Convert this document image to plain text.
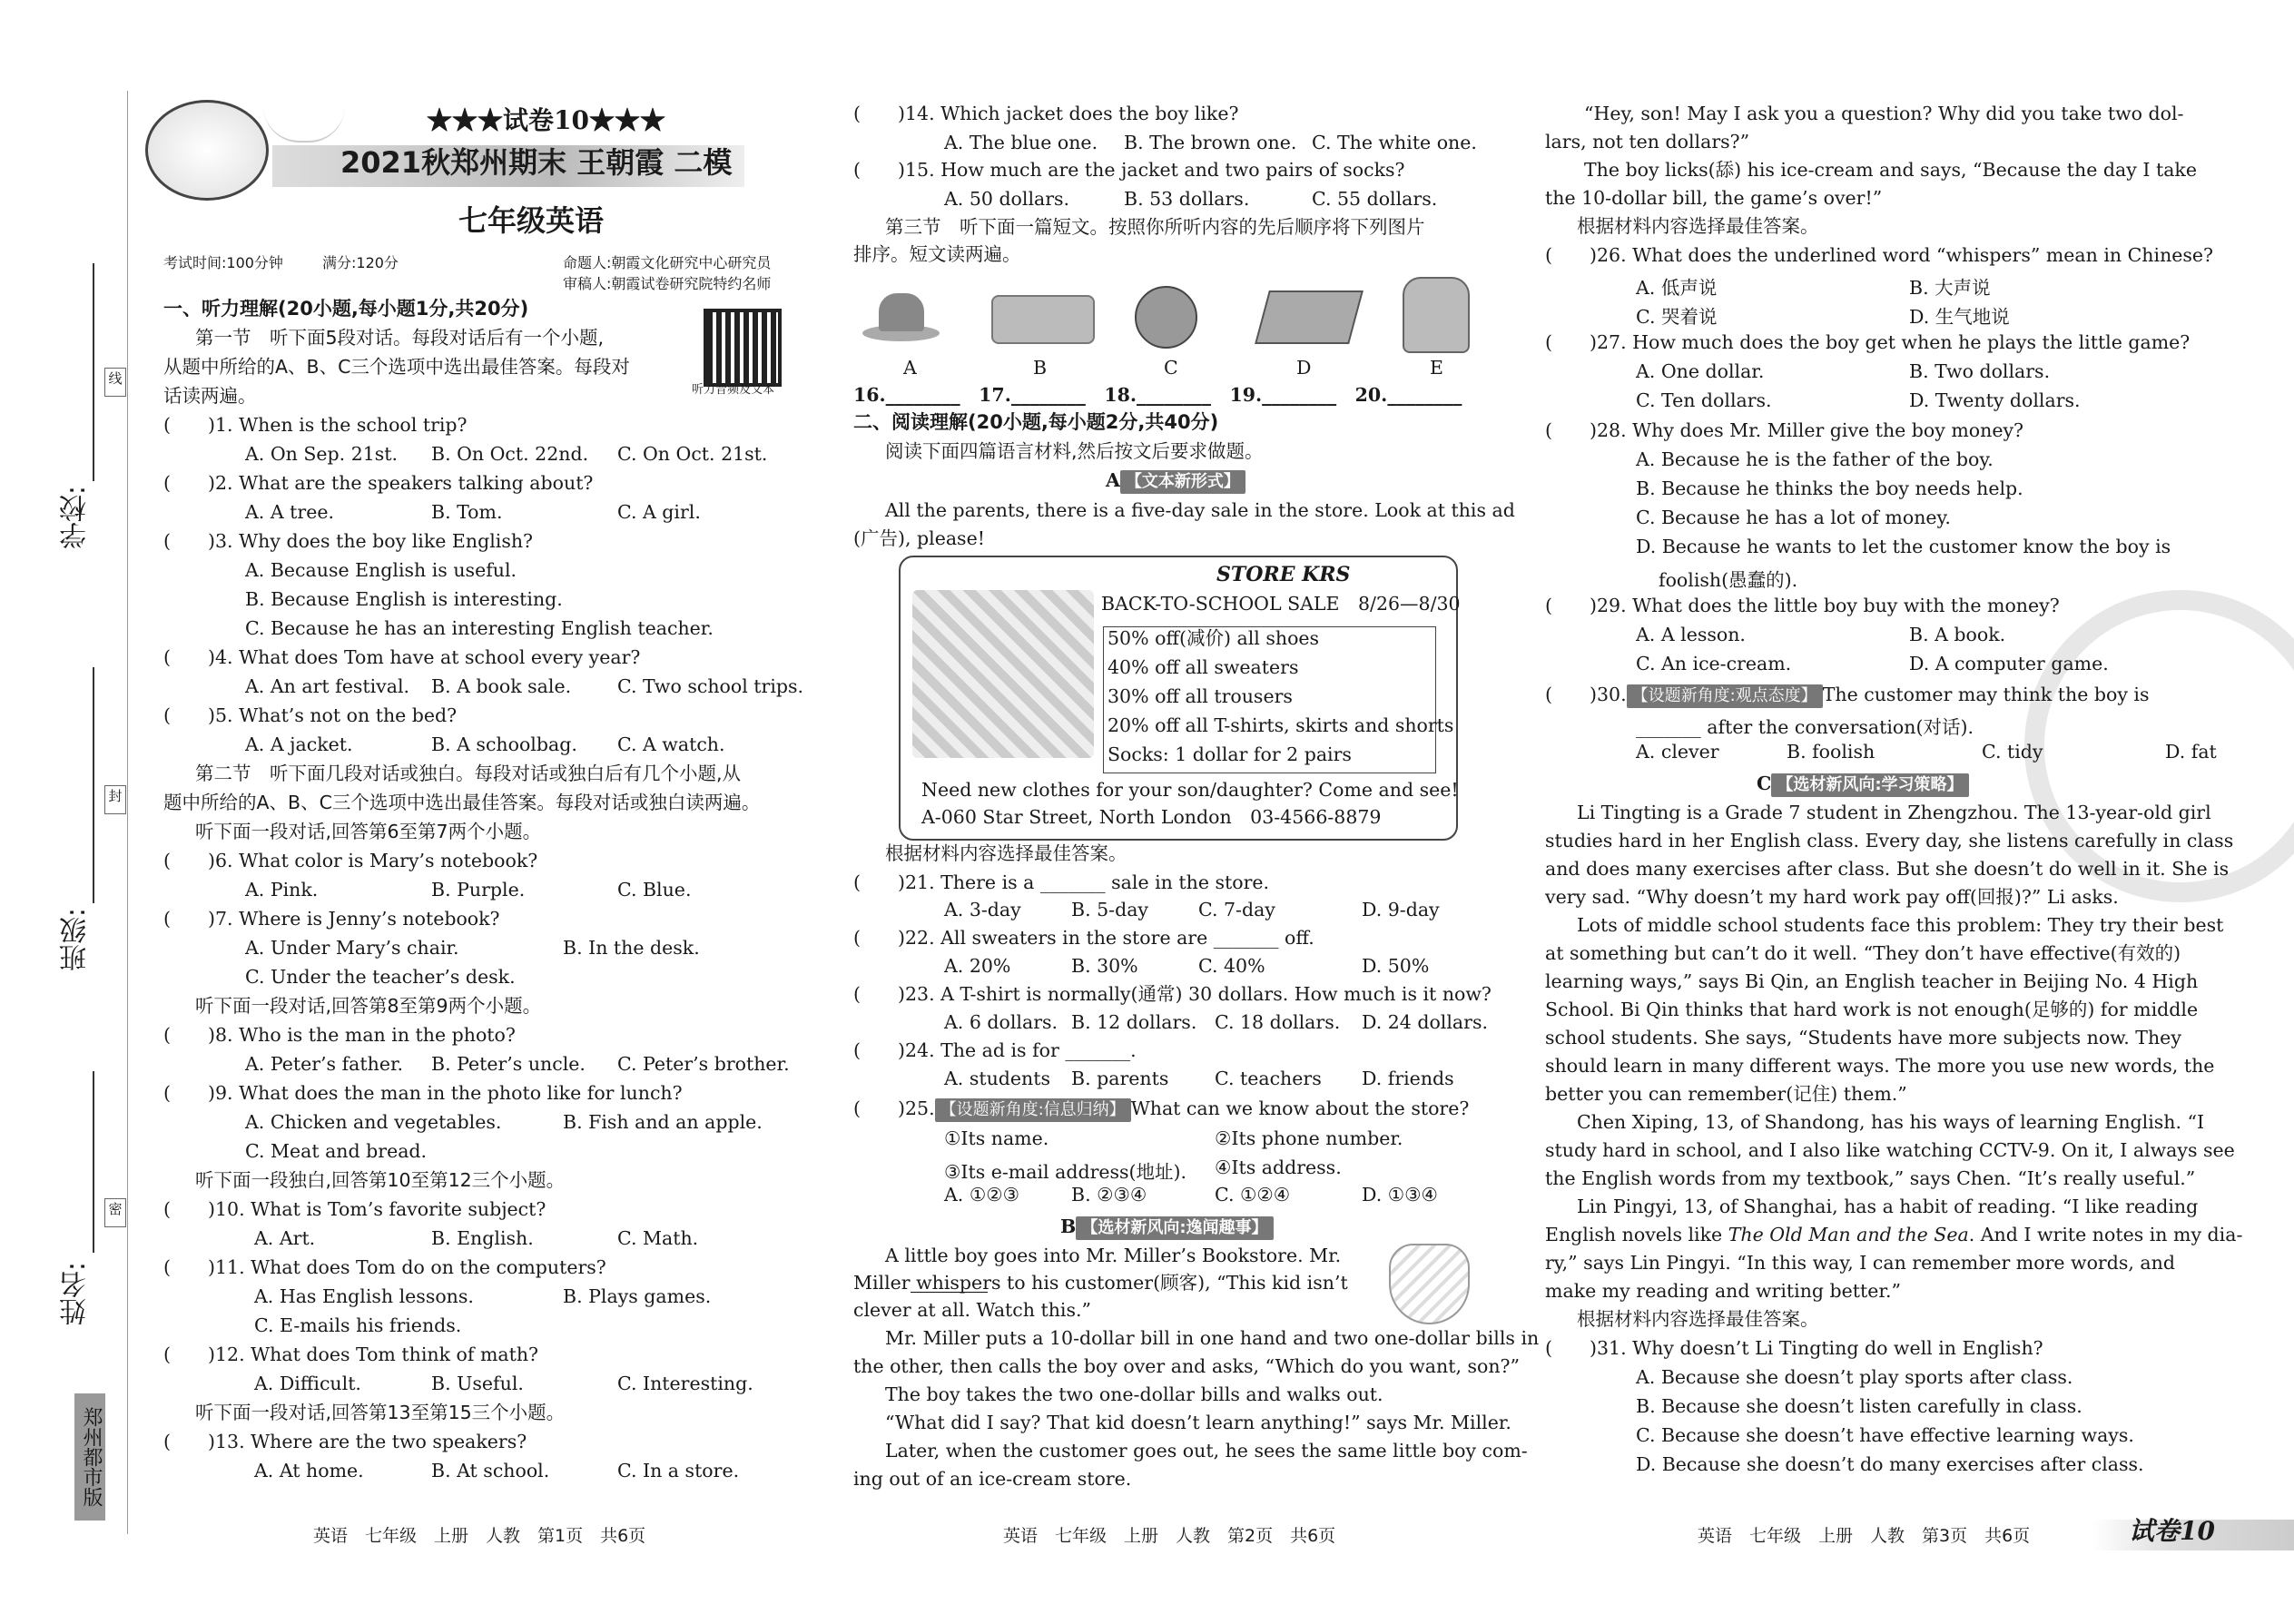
学校:
姓名:
班级:
线
封
密
郑州都市版
★★★试卷10★★★
2021秋郑州期末 王朝霞 二模
七年级英语
考试时间:100分钟	满分:120分	命题人:朝霞文化研究中心研究员
审稿人:朝霞试卷研究院特约名师
一、听力理解(20小题,每小题1分,共20分)
听力音频及文本
第一节　听下面5段对话。每段对话后有一个小题,
从题中所给的A、B、C三个选项中选出最佳答案。每段对
话读两遍。
(　　)1. When is the school trip?
A. On Sep. 21st. B. On Oct. 22nd. C. On Oct. 21st.
(　　)2. What are the speakers talking about?
A. A tree.	B. Tom.	C. A girl.
(　　)3. Why does the boy like English?
A. Because English is useful.
B. Because English is interesting.
C. Because he has an interesting English teacher.
(　　)4. What does Tom have at school every year?
A. An art festival. B. A book sale. C. Two school trips.
(　　)5. What’s not on the bed?
A. A jacket.	B. A schoolbag. C. A watch.
第二节　听下面几段对话或独白。每段对话或独白后有几个小题,从
题中所给的A、B、C三个选项中选出最佳答案。每段对话或独白读两遍。
听下面一段对话,回答第6至第7两个小题。
(　　)6. What color is Mary’s notebook?
A. Pink.	B. Purple.	C. Blue.
(　　)7. Where is Jenny’s notebook?
A. Under Mary’s chair.	B. In the desk.
C. Under the teacher’s desk.
听下面一段对话,回答第8至第9两个小题。
(　　)8. Who is the man in the photo?
A. Peter’s father. B. Peter’s uncle. C. Peter’s brother.
(　　)9. What does the man in the photo like for lunch?
A. Chicken and vegetables.	B. Fish and an apple.
C. Meat and bread.
听下面一段独白,回答第10至第12三个小题。
(　　)10. What is Tom’s favorite subject?
A. Art.	B. English.	C. Math.
(　　)11. What does Tom do on the computers?
A. Has English lessons.	B. Plays games.
C. E-mails his friends.
(　　)12. What does Tom think of math?
A. Difficult.	B. Useful.	C. Interesting.
听下面一段对话,回答第13至第15三个小题。
(　　)13. Where are the two speakers?
A. At home.	B. At school.	C. In a store.
英语　七年级　上册　人教　第1页　共6页
(　　)14. Which jacket does the boy like?
A. The blue one. B. The brown one. C. The white one.
(　　)15. How much are the jacket and two pairs of socks?
A. 50 dollars.	B. 53 dollars.	C. 55 dollars.
第三节　听下面一篇短文。按照你所听内容的先后顺序将下列图片
排序。短文读两遍。
A	B	C	D	E
16.________　17.________　18.________　19.________　20.________
二、阅读理解(20小题,每小题2分,共40分)
阅读下面四篇语言材料,然后按文后要求做题。
A 【文本新形式】
All the parents, there is a five-day sale in the store. Look at this ad
(广告), please!
STORE KRS
BACK-TO-SCHOOL SALE　8/26—8/30
50% off(减价) all shoes
40% off all sweaters
30% off all trousers
20% off all T-shirts, skirts and shorts
Socks: 1 dollar for 2 pairs
Need new clothes for your son/daughter? Come and see!
A-060 Star Street, North London　03-4566-8879
根据材料内容选择最佳答案。
(　　)21. There is a _______ sale in the store.
A. 3-day	B. 5-day	C. 7-day	D. 9-day
(　　)22. All sweaters in the store are _______ off.
A. 20%	B. 30%	C. 40%	D. 50%
(　　)23. A T-shirt is normally(通常) 30 dollars. How much is it now?
A. 6 dollars. B. 12 dollars. C. 18 dollars. D. 24 dollars.
(　　)24. The ad is for _______.
A. students B. parents C. teachers D. friends
(　　)25. 【设题新角度:信息归纳】 What can we know about the store?
①Its name.	②Its phone number.
③Its e-mail address(地址). ④Its address.
A. ①②③	B. ②③④	C. ①②④	D. ①③④
B 【选材新风向:逸闻趣事】
A little boy goes into Mr. Miller’s Bookstore. Mr.
Miller whispers to his customer(顾客), “This kid isn’t
clever at all. Watch this.”
Mr. Miller puts a 10-dollar bill in one hand and two one-dollar bills in
the other, then calls the boy over and asks, “Which do you want, son?”
The boy takes the two one-dollar bills and walks out.
“What did I say? That kid doesn’t learn anything!” says Mr. Miller.
Later, when the customer goes out, he sees the same little boy com-
ing out of an ice-cream store.
英语　七年级　上册　人教　第2页　共6页
“Hey, son! May I ask you a question? Why did you take two dol-
lars, not ten dollars?”
The boy licks(舔) his ice-cream and says, “Because the day I take
the 10-dollar bill, the game’s over!”
根据材料内容选择最佳答案。
(　　)26. What does the underlined word “whispers” mean in Chinese?
A. 低声说	B. 大声说
C. 哭着说	D. 生气地说
(　　)27. How much does the boy get when he plays the little game?
A. One dollar.	B. Two dollars.
C. Ten dollars.	D. Twenty dollars.
(　　)28. Why does Mr. Miller give the boy money?
A. Because he is the father of the boy.
B. Because he thinks the boy needs help.
C. Because he has a lot of money.
D. Because he wants to let the customer know the boy is
foolish(愚蠢的).
(　　)29. What does the little boy buy with the money?
A. A lesson.	B. A book.
C. An ice-cream.	D. A computer game.
(　　)30. 【设题新角度:观点态度】 The customer may think the boy is
_______ after the conversation(对话).
A. clever	B. foolish	C. tidy	D. fat
C 【选材新风向:学习策略】
Li Tingting is a Grade 7 student in Zhengzhou. The 13-year-old girl
studies hard in her English class. Every day, she listens carefully in class
and does many exercises after class. But she doesn’t do well in it. She is
very sad. “Why doesn’t my hard work pay off(回报)?” Li asks.
Lots of middle school students face this problem: They try their best
at something but can’t do it well. “They don’t have effective(有效的)
learning ways,” says Bi Qin, an English teacher in Beijing No. 4 High
School. Bi Qin thinks that hard work is not enough(足够的) for middle
school students. She says, “Students have more subjects now. They
should learn in many different ways. The more you use new words, the
better you can remember(记住) them.”
Chen Xiping, 13, of Shandong, has his ways of learning English. “I
study hard in school, and I also like watching CCTV-9. On it, I always see
the English words from my textbook,” says Chen. “It’s really useful.”
Lin Pingyi, 13, of Shanghai, has a habit of reading. “I like reading
English novels like The Old Man and the Sea. And I write notes in my dia-
ry,” says Lin Pingyi. “In this way, I can remember more words, and
make my reading and writing better.”
根据材料内容选择最佳答案。
(　　)31. Why doesn’t Li Tingting do well in English?
A. Because she doesn’t play sports after class.
B. Because she doesn’t listen carefully in class.
C. Because she doesn’t have effective learning ways.
D. Because she doesn’t do many exercises after class.
英语　七年级　上册　人教　第3页　共6页	试卷10
